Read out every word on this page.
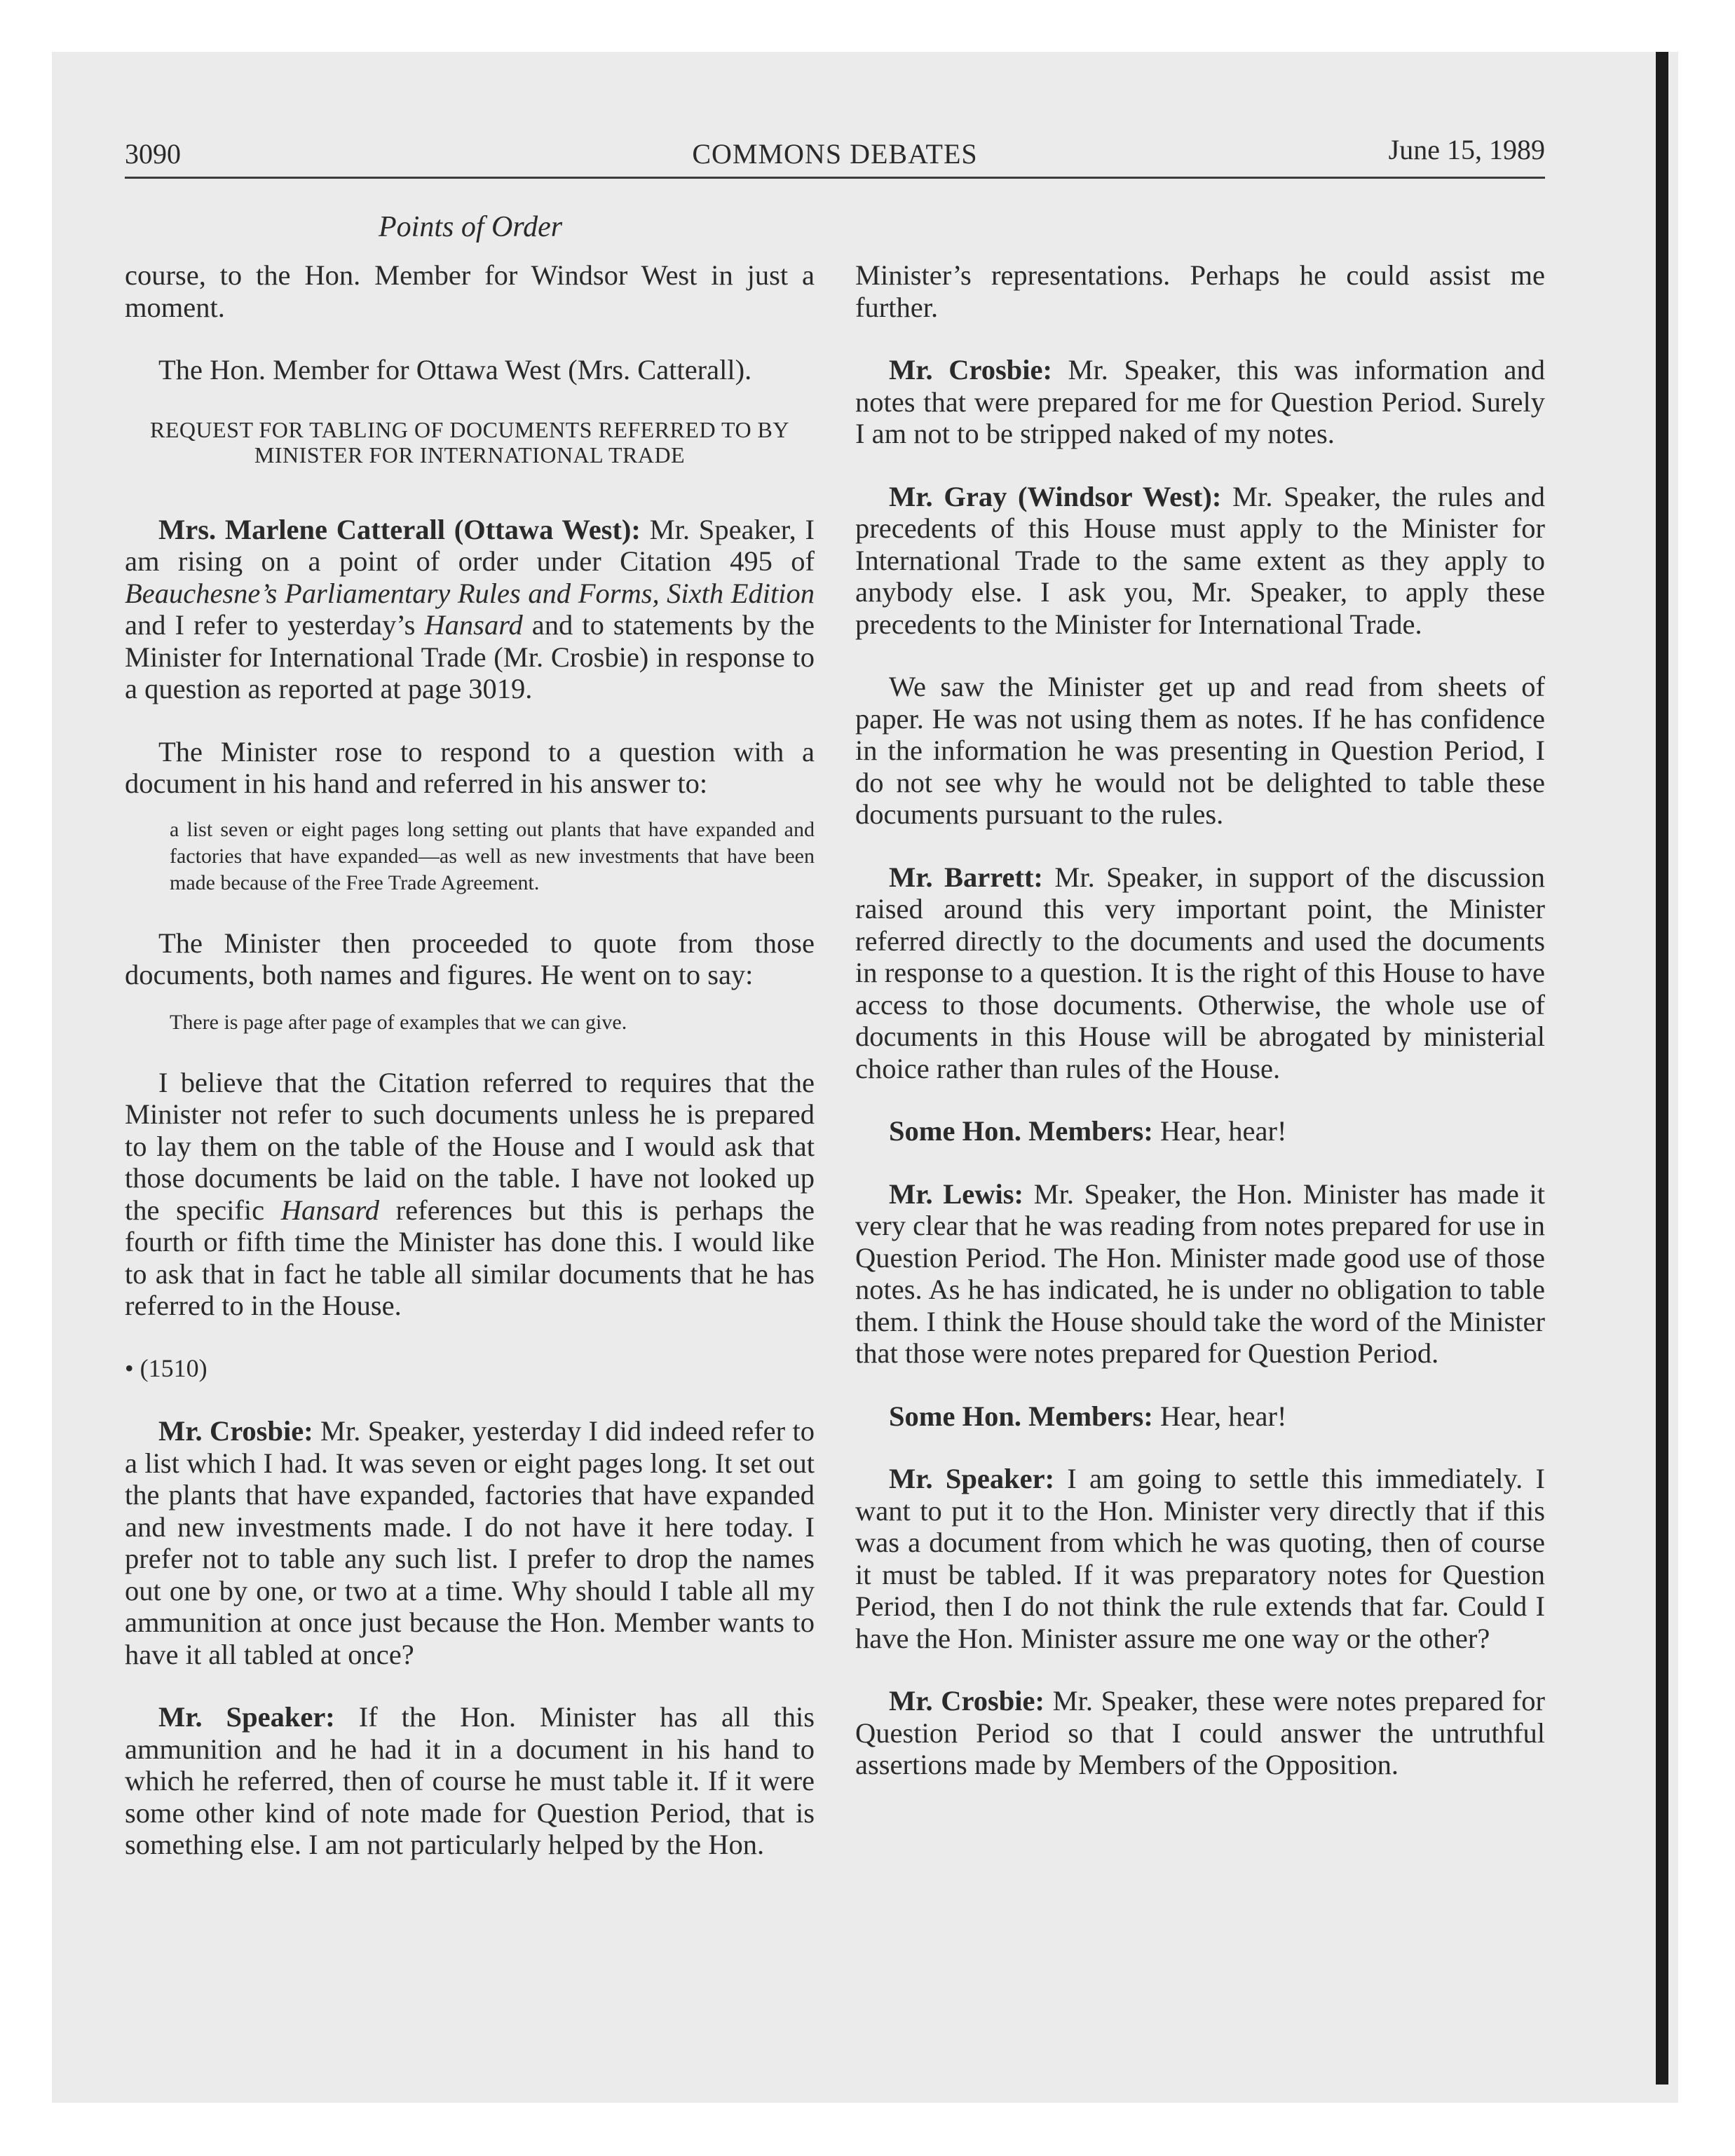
3090	COMMONS DEBATES	June 15, 1989
Points of Order

course, to the Hon. Member for Windsor West in just a moment.

The Hon. Member for Ottawa West (Mrs. Catterall).

REQUEST FOR TABLING OF DOCUMENTS REFERRED TO BY MINISTER FOR INTERNATIONAL TRADE

Mrs. Marlene Catterall (Ottawa West): Mr. Speaker, I am rising on a point of order under Citation 495 of Beauchesne’s Parliamentary Rules and Forms, Sixth Edition and I refer to yesterday’s Hansard and to statements by the Minister for International Trade (Mr. Crosbie) in response to a question as reported at page 3019.

The Minister rose to respond to a question with a document in his hand and referred in his answer to:

a list seven or eight pages long setting out plants that have expanded and factories that have expanded—as well as new investments that have been made because of the Free Trade Agreement.

The Minister then proceeded to quote from those documents, both names and figures. He went on to say:

There is page after page of examples that we can give.

I believe that the Citation referred to requires that the Minister not refer to such documents unless he is prepared to lay them on the table of the House and I would ask that those documents be laid on the table. I have not looked up the specific Hansard references but this is perhaps the fourth or fifth time the Minister has done this. I would like to ask that in fact he table all similar documents that he has referred to in the House.

• (1510)

Mr. Crosbie: Mr. Speaker, yesterday I did indeed refer to a list which I had. It was seven or eight pages long. It set out the plants that have expanded, factories that have expanded and new investments made. I do not have it here today. I prefer not to table any such list. I prefer to drop the names out one by one, or two at a time. Why should I table all my ammunition at once just because the Hon. Member wants to have it all tabled at once?

Mr. Speaker: If the Hon. Minister has all this ammunition and he had it in a document in his hand to which he referred, then of course he must table it. If it were some other kind of note made for Question Period, that is something else. I am not particularly helped by the Hon.

Minister’s representations. Perhaps he could assist me further.

Mr. Crosbie: Mr. Speaker, this was information and notes that were prepared for me for Question Period. Surely I am not to be stripped naked of my notes.

Mr. Gray (Windsor West): Mr. Speaker, the rules and precedents of this House must apply to the Minister for International Trade to the same extent as they apply to anybody else. I ask you, Mr. Speaker, to apply these precedents to the Minister for International Trade.

We saw the Minister get up and read from sheets of paper. He was not using them as notes. If he has confidence in the information he was presenting in Question Period, I do not see why he would not be delighted to table these documents pursuant to the rules.

Mr. Barrett: Mr. Speaker, in support of the discussion raised around this very important point, the Minister referred directly to the documents and used the documents in response to a question. It is the right of this House to have access to those documents. Otherwise, the whole use of documents in this House will be abrogated by ministerial choice rather than rules of the House.

Some Hon. Members: Hear, hear!

Mr. Lewis: Mr. Speaker, the Hon. Minister has made it very clear that he was reading from notes prepared for use in Question Period. The Hon. Minister made good use of those notes. As he has indicated, he is under no obligation to table them. I think the House should take the word of the Minister that those were notes prepared for Question Period.

Some Hon. Members: Hear, hear!

Mr. Speaker: I am going to settle this immediately. I want to put it to the Hon. Minister very directly that if this was a document from which he was quoting, then of course it must be tabled. If it was preparatory notes for Question Period, then I do not think the rule extends that far. Could I have the Hon. Minister assure me one way or the other?

Mr. Crosbie: Mr. Speaker, these were notes prepared for Question Period so that I could answer the untruthful assertions made by Members of the Opposition.
